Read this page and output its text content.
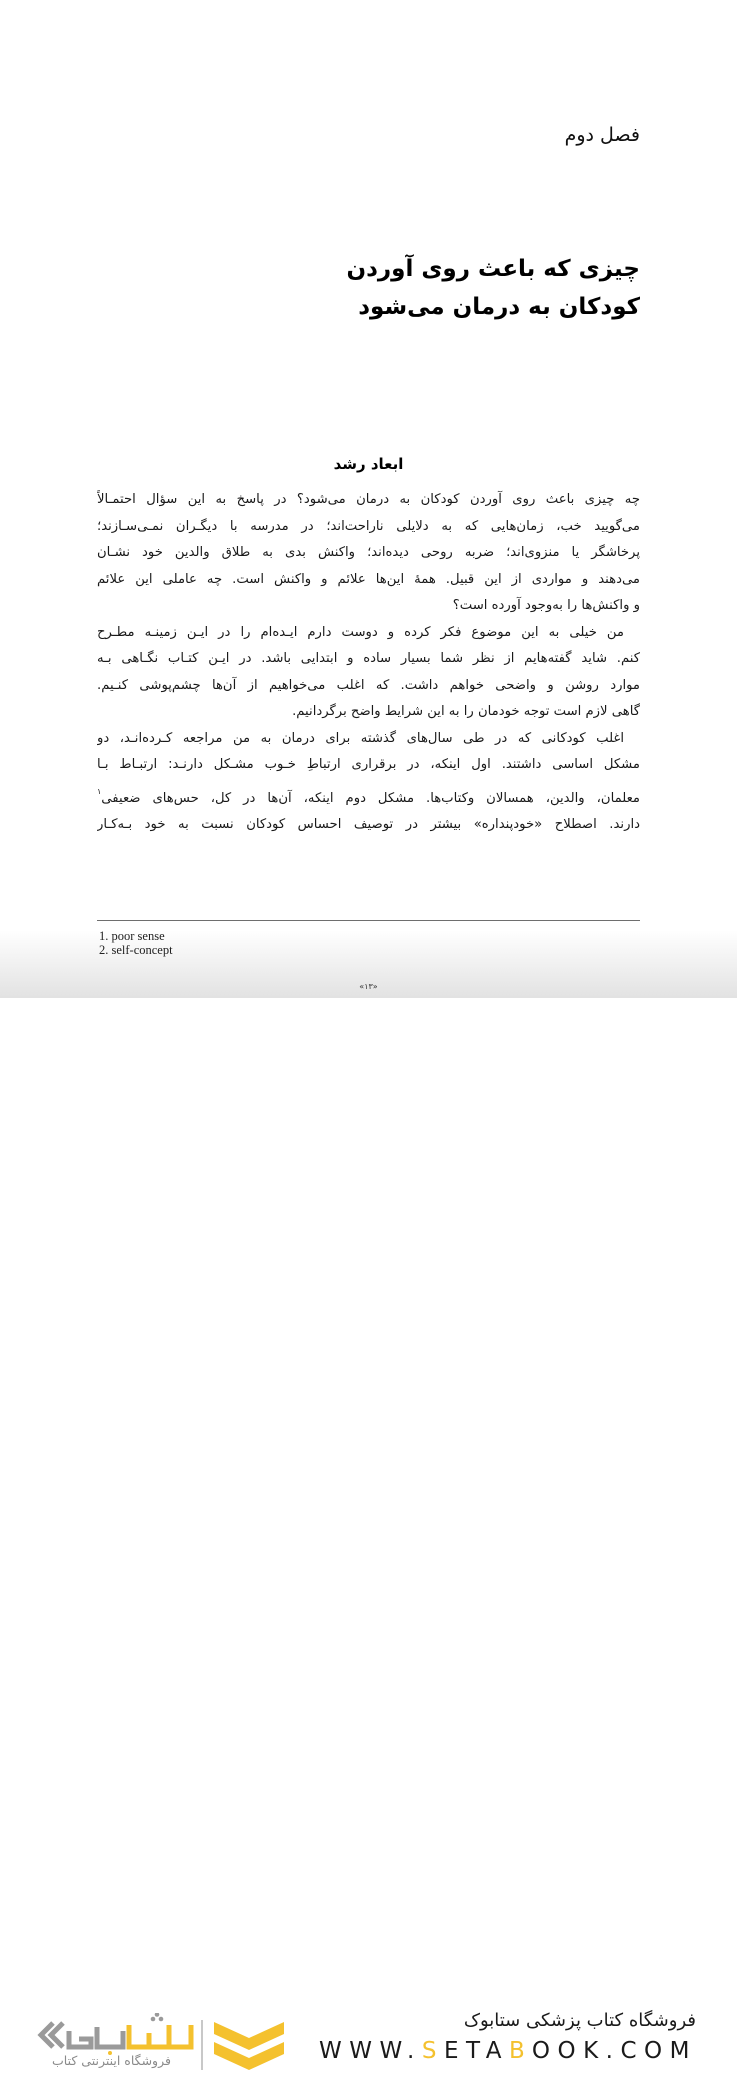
فصل دوم
چیزی که باعث روی آوردن
کودکان به درمان می‌شود
ابعاد رشد
چه چیزی باعث روی آوردن کودکان به درمان می‌شود؟ در پاسخ به این سؤال احتمـالاً
می‌گویید خب، زمان‌هایی که به دلایلی ناراحت‌اند؛ در مدرسه با دیگـران نمـی‌سـازند؛
پرخاشگر یا منزوی‌اند؛ ضربه روحی دیده‌اند؛ واکنش بدی به طلاق والدین خود نشـان
می‌دهند و مواردی از این قبیل. همهٔ این‌ها علائم و واکنش است. چه عاملی این علائم
و واکنش‌ها را به‌وجود آورده است؟
من خیلی به این موضوع فکر کرده و دوست دارم ایـده‌ام را در ایـن زمینـه مطـرح
کنم. شاید گفته‌هایم از نظر شما بسیار ساده و ابتدایی باشد. در ایـن کتـاب نگـاهی بـه
موارد روشن و واضحی خواهم داشت. که اغلب می‌خواهیم از آن‌ها چشم‌پوشی کنـیم.
گاهی لازم است توجه خودمان را به این شرایط واضح برگردانیم.
اغلب کودکانی که در طی سال‌های گذشته برای درمان به من مراجعه کـرده‌انـد، دو
مشکل اساسی داشتند. اول اینکه، در برقراری ارتباطِ خـوب مشـکل دارنـد: ارتبـاط بـا
معلمان، والدین، همسالان وکتاب‌ها. مشکل دوم اینکه، آن‌ها در کل، حس‌های ضعیفی$^۱$
دارند. اصطلاح «خودپنداره» بیشتر در توصیف احساس کودکان نسبت به خود بـه‌کـار
1. poor sense
2. self-concept
«۱۳»
فروشگاه اینترنتی کتاب
فروشگاه کتاب پزشکی ستابوک
WWW.SETABOOK.COM
